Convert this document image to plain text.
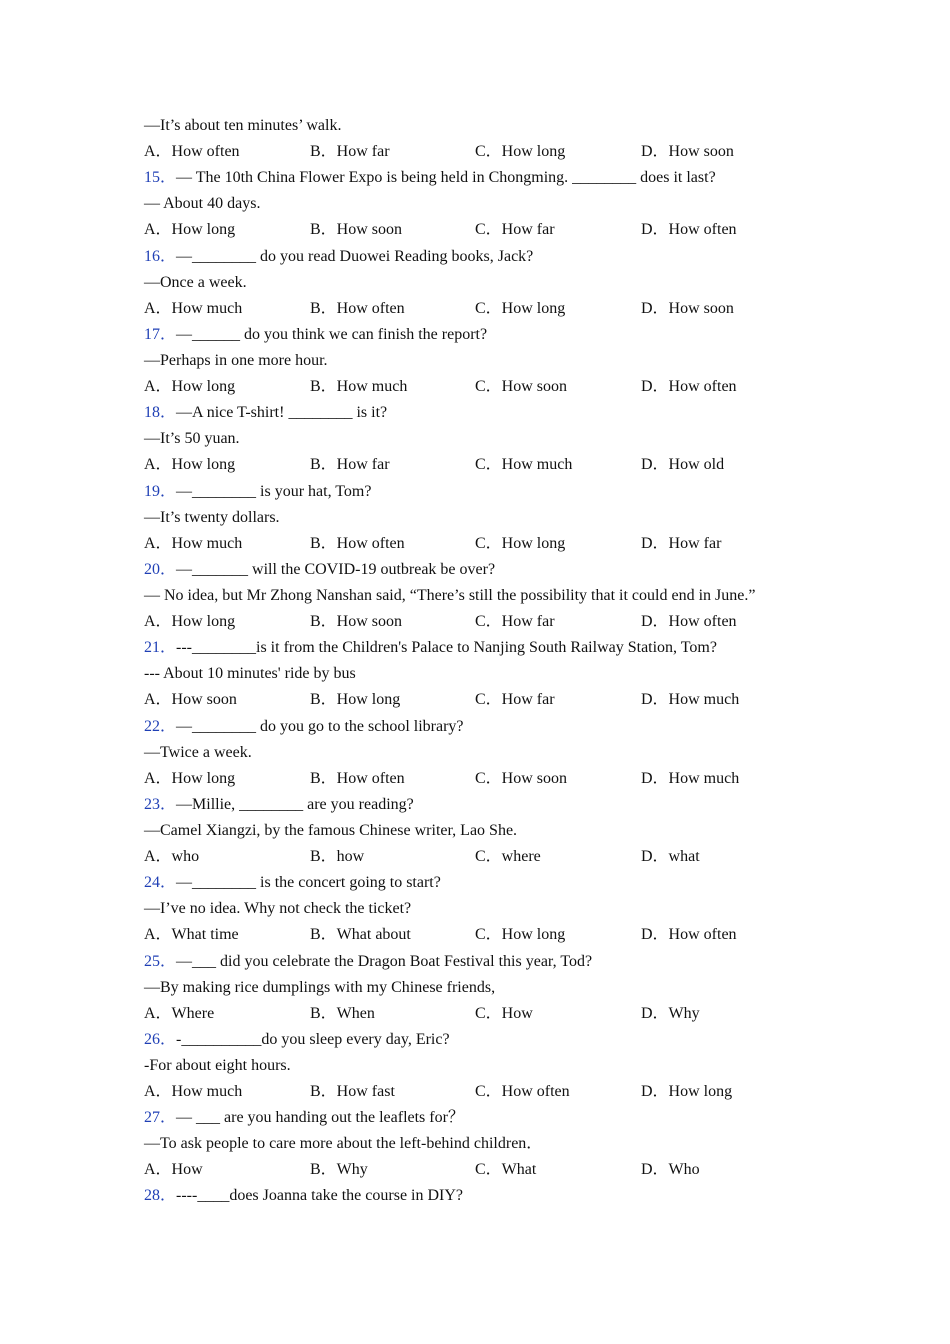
—It’s about ten minutes’ walk.
A．How often	B．How far	C．How long	D．How soon
15．— The 10th China Flower Expo is being held in Chongming. ________ does it last?
— About 40 days.
A．How long	B．How soon	C．How far	D．How often
16．—________ do you read Duowei Reading books, Jack?
—Once a week.
A．How much	B．How often	C．How long	D．How soon
17．—______ do you think we can finish the report?
—Perhaps in one more hour.
A．How long	B．How much	C．How soon	D．How often
18．—A nice T-shirt! ________ is it?
—It’s 50 yuan.
A．How long	B．How far	C．How much	D．How old
19．—________ is your hat, Tom?
—It’s twenty dollars.
A．How much	B．How often	C．How long	D．How far
20．—_______ will the COVID-19 outbreak be over?
— No idea, but Mr Zhong Nanshan said, “There’s still the possibility that it could end in June.”
A．How long	B．How soon	C．How far	D．How often
21．---________is it from the Children's Palace to Nanjing South Railway Station, Tom?
--- About 10 minutes' ride by bus
A．How soon	B．How long	C．How far	D．How much
22．—________ do you go to the school library?
—Twice a week.
A．How long	B．How often	C．How soon	D．How much
23．—Millie, ________ are you reading?
—Camel Xiangzi, by the famous Chinese writer, Lao She.
A．who	B．how	C．where	D．what
24．—________ is the concert going to start?
—I’ve no idea. Why not check the ticket?
A．What time	B．What about	C．How long	D．How often
25．—___ did you celebrate the Dragon Boat Festival this year, Tod?
—By making rice dumplings with my Chinese friends,
A．Where	B．When	C．How	D．Why
26．-__________do you sleep every day, Eric?
-For about eight hours.
A．How much	B．How fast	C．How often	D．How long
27．— ___ are you handing out the leaflets for？
—To ask people to care more about the left-behind children．
A．How	B．Why	C．What	D．Who
28．----____does Joanna take the course in DIY?
